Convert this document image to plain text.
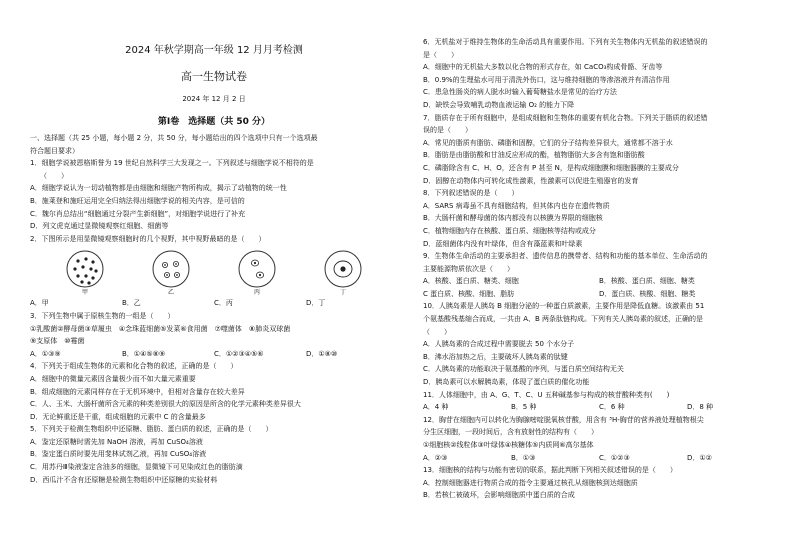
2024 年秋学期高一年级 12 月月考检测
高一生物试卷
2024 年 12 月 2 日
第Ⅰ卷　选择题（共 50 分）
一、选择题（共 25 小题，每小题 2 分，共 50 分，每小题给出的四个选项中只有一个选项最
符合题目要求）
1．细胞学说被恩格斯誉为 19 世纪自然科学三大发现之一。下列叙述与细胞学说不相符的是
（　　）
A．细胞学说认为一切动植物都是由细胞和细胞产物所构成，揭示了动植物的统一性
B．施莱登和施旺运用完全归纳法得出细胞学说的相关内容，是可信的
C．魏尔肖总结出“细胞通过分裂产生新细胞”，对细胞学说进行了补充
D．列文虎克通过显微镜观察红细胞、细菌等
2．下图所示是用显微镜观察细胞时的几个视野，其中视野最暗的是（　　）
甲	乙	丙	丁
A．甲	B．乙	C．丙	D．丁
3．下列生物中属于原核生物的一组是（　　）
①乳酸菌②酵母菌③草履虫　④念珠蓝细菌⑤发菜⑥食用菌　⑦噬菌体　⑧肺炎双球菌
⑨支原体　⑩霉菌
A．①③⑨	B．①④⑤⑧⑨	C．①②③④⑤⑥	D．①⑧⑩
4．下列关于组成生物体的元素和化合物的叙述，正确的是（　　）
A．细胞中的微量元素因含量极少而不如大量元素重要
B．组成细胞的元素同样存在于无机环境中，但相对含量存在较大差异
C．人、玉米、大肠杆菌所含元素的种类差别很大的原因是所含的化学元素种类差异很大
D．无论鲜重还是干重，组成细胞的元素中 C 的含量最多
5．下列关于检测生物组织中还原糖、脂肪、蛋白质的叙述，正确的是（　　）
A．鉴定还原糖时需先加 NaOH 溶液，再加 CuSO₄溶液
B．鉴定蛋白质时要先用斐林试剂乙液，再加 CuSO₄溶液
C．用苏丹Ⅲ染液鉴定含油多的细胞，显微镜下可见染成红色的脂肪滴
D．西瓜汁不含有还原糖是检测生物组织中还原糖的实验材料
6．无机盐对于维持生物体的生命活动具有重要作用。下列有关生物体内无机盐的叙述错误的
是（　　）
A．细胞中的无机盐大多数以化合物的形式存在，如 CaCO₃构成骨骼、牙齿等
B．0.9%的生理盐水可用于清洗外伤口，这与维持细胞的等渗溶液并有清洁作用
C．患急性肠炎的病人脱水时输入葡萄糖盐水是常见的治疗方法
D．缺铁会导致哺乳动物血液运输 O₂ 的能力下降
7．脂质存在于所有细胞中，是组成细胞和生物体的重要有机化合物。下列关于脂质的叙述错
误的是（　　）
A．常见的脂质有脂肪、磷脂和固醇，它们的分子结构差异很大，通常都不溶于水
B．脂肪是由脂肪酸和甘油反应形成的酯，植物脂肪大多含有饱和脂肪酸
C．磷脂除含有 C、H、O，还含有 P 甚至 N，是构成细胞膜和细胞器膜的主要成分
D．固醇在动物体内可转化成性激素，性激素可以促进生殖器官的发育
8．下列叙述错误的是（　　）
A．SARS 病毒虽不具有细胞结构，但其体内也存在遗传物质
B．大肠杆菌和酵母菌的体内都没有以核膜为界限的细胞核
C．植物细胞内存在核酸、蛋白质、细胞核等结构或成分
D．蓝细菌体内没有叶绿体，但含有藻蓝素和叶绿素
9．生物体生命活动的主要承担者、遗传信息的携带者、结构和功能的基本单位、生命活动的
主要能源物质依次是（　　）
A．核酸、蛋白质、糖类、细胞	B．核酸、蛋白质、细胞、糖类
C 蛋白质、核酸、细胞、脂肪	D．蛋白质、核酸、细胞、糖类
10．人胰岛素是人胰岛 B 细胞分泌的一种蛋白质激素，主要作用是降低血糖。该激素由 51
个氨基酸残基缩合而成，一共由 A、B 两条肽链构成。下列有关人胰岛素的叙述，正确的是
（　　）
A．人胰岛素的合成过程中需要脱去 50 个水分子
B．沸水浴加热之后，主要破坏人胰岛素的肽键
C．人胰岛素的功能取决于氨基酸的序列，与蛋白质空间结构无关
D．胰岛素可以水解胰岛素，体现了蛋白质的催化功能
11．人体细胞中，由 A、G、T、C、U 五种碱基参与构成的核苷酸种类有(　　)
A．4 种	B．5 种	C．6 种	D．8 种
12．胸苷在细胞内可以转化为胸腺嘧啶脱氧核苷酸，用含有 ³H-胸苷的营养液处理植物根尖
分生区细胞，一段时间后，含有放射性的结构有（　　）
①细胞核②线粒体③叶绿体④核糖体⑤内质网⑥高尔基体
A．②③	B．①③	C．①②③	D．①②
13．细胞核的结构与功能有密切的联系，据此判断下列相关叙述错误的是（　　）
A．控制细胞器进行物质合成的指令主要通过核孔从细胞核到达细胞质
B．若核仁被破坏，会影响细胞质中蛋白质的合成
